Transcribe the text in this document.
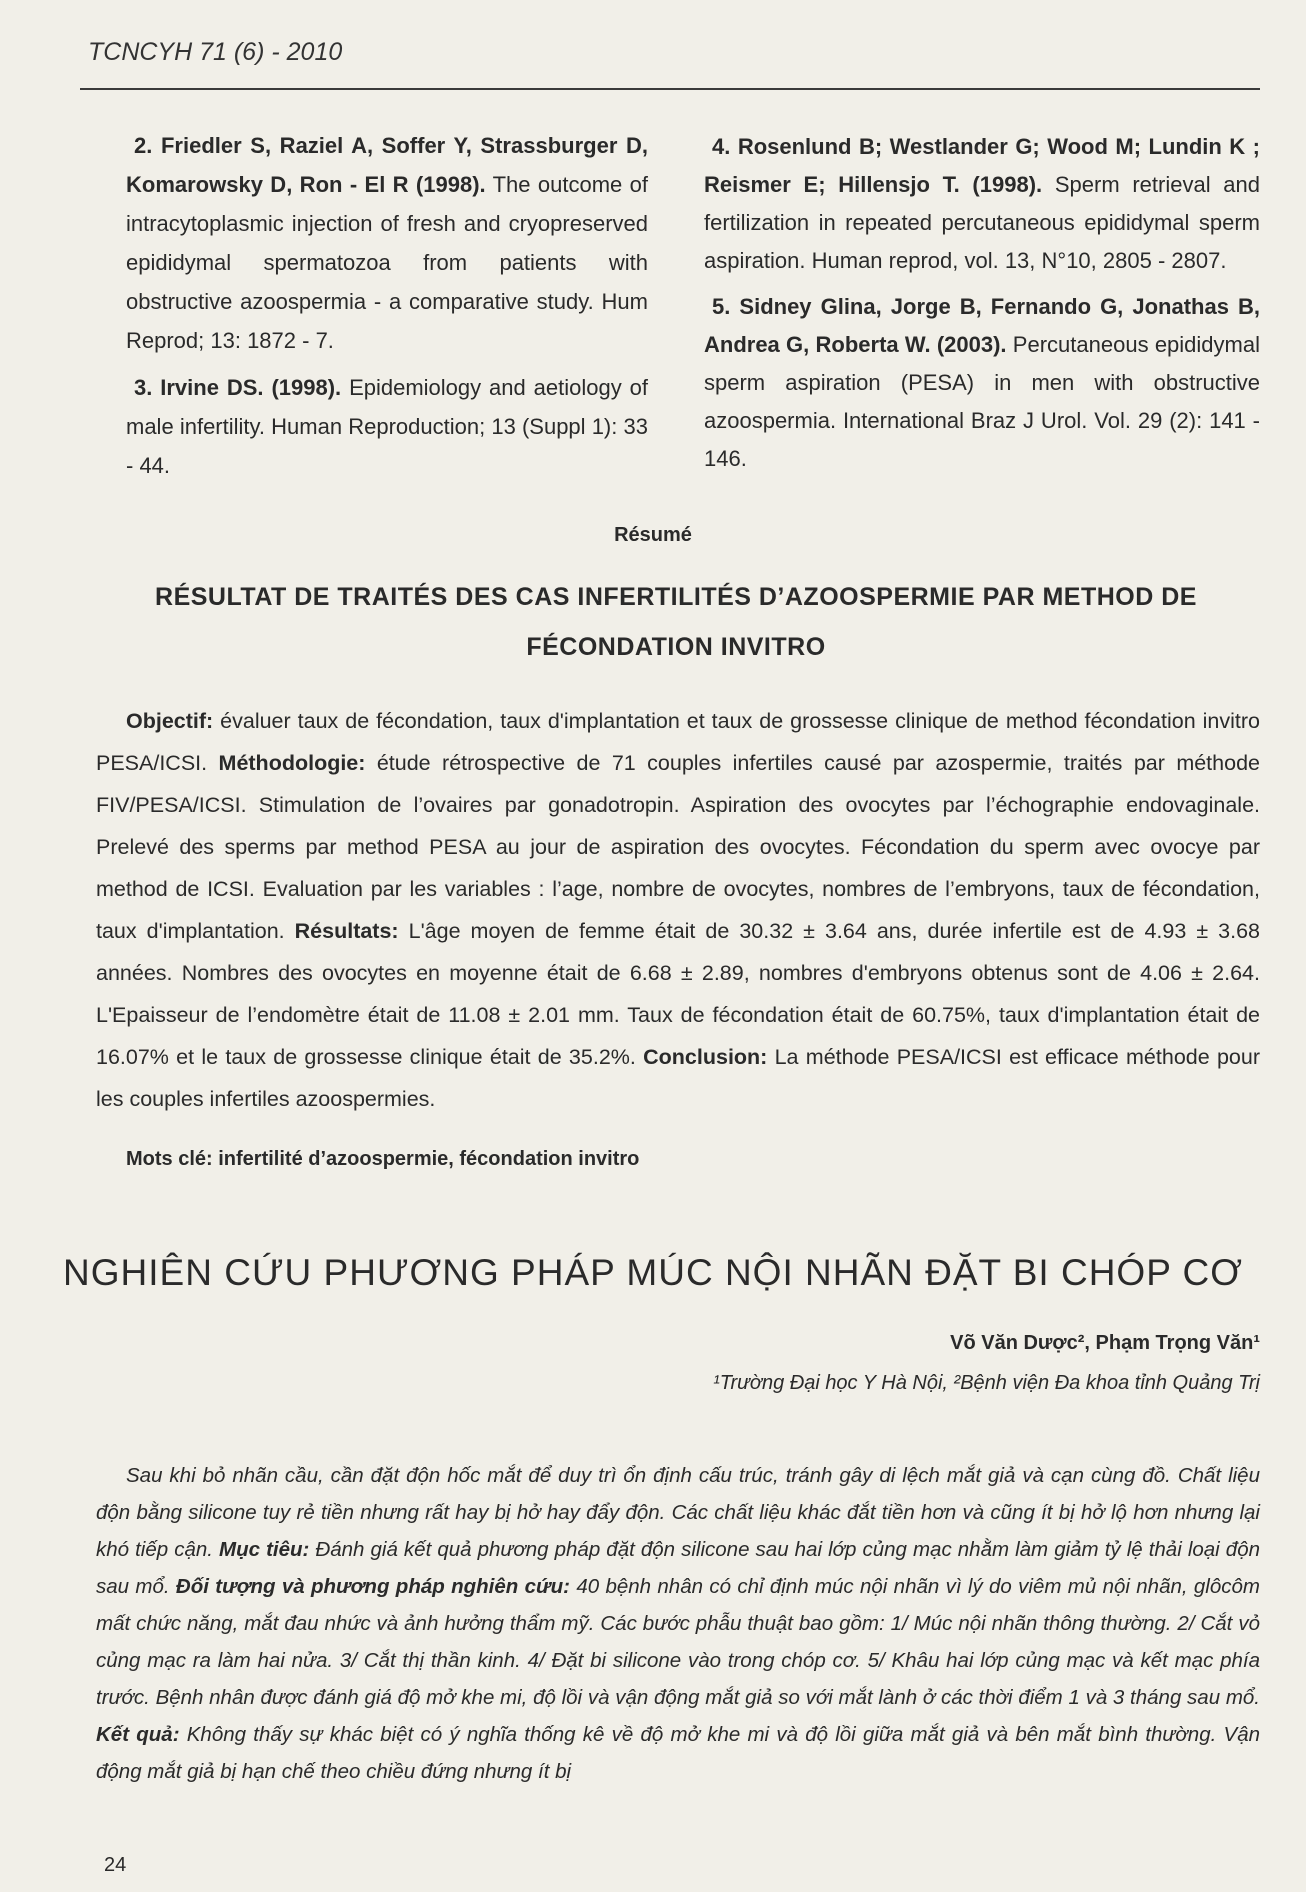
TCNCYH 71 (6) - 2010

2. Friedler S, Raziel A, Soffer Y, Strassburger D, Komarowsky D, Ron - El R (1998). The outcome of intracytoplasmic injection of fresh and cryopreserved epididymal spermatozoa from patients with obstructive azoospermia - a comparative study. Hum Reprod; 13: 1872 - 7.

3. Irvine DS. (1998). Epidemiology and aetiology of male infertility. Human Reproduction; 13 (Suppl 1): 33 - 44.

4. Rosenlund B; Westlander G; Wood M; Lundin K ; Reismer E; Hillensjo T. (1998). Sperm retrieval and fertilization in repeated percutaneous epididymal sperm aspiration. Human reprod, vol. 13, N°10, 2805 - 2807.

5. Sidney Glina, Jorge B, Fernando G, Jonathas B, Andrea G, Roberta W. (2003). Percutaneous epididymal sperm aspiration (PESA) in men with obstructive azoospermia. International Braz J Urol. Vol. 29 (2): 141 - 146.

Résumé
RÉSULTAT DE TRAITÉS DES CAS INFERTILITÉS D’AZOOSPERMIE PAR METHOD DE FÉCONDATION INVITRO

Objectif: évaluer taux de fécondation, taux d'implantation et taux de grossesse clinique de method fécondation invitro PESA/ICSI. Méthodologie: étude rétrospective de 71 couples infertiles causé par azospermie, traités par méthode FIV/PESA/ICSI. Stimulation de l’ovaires par gonadotropin. Aspiration des ovocytes par l’échographie endovaginale. Prelevé des sperms par method PESA au jour de aspiration des ovocytes. Fécondation du sperm avec ovocye par method de ICSI. Evaluation par les variables : l’age, nombre de ovocytes, nombres de l’embryons, taux de fécondation, taux d'implantation. Résultats: L'âge moyen de femme était de 30.32 ± 3.64 ans, durée infertile est de 4.93 ± 3.68 années. Nombres des ovocytes en moyenne était de 6.68 ± 2.89, nombres d'embryons obtenus sont de 4.06 ± 2.64. L'Epaisseur de l’endomètre était de 11.08 ± 2.01 mm. Taux de fécondation était de 60.75%, taux d'implantation était de 16.07% et le taux de grossesse clinique était de 35.2%. Conclusion: La méthode PESA/ICSI est efficace méthode pour les couples infertiles azoospermies.

Mots clé: infertilité d’azoospermie, fécondation invitro
NGHIÊN CỨU PHƯƠNG PHÁP MÚC NỘI NHÃN ĐẶT BI CHÓP CƠ
Võ Văn Dược², Phạm Trọng Văn¹
¹Trường Đại học Y Hà Nội, ²Bệnh viện Đa khoa tỉnh Quảng Trị

Sau khi bỏ nhãn cầu, cần đặt độn hốc mắt để duy trì ổn định cấu trúc, tránh gây di lệch mắt giả và cạn cùng đồ. Chất liệu độn bằng silicone tuy rẻ tiền nhưng rất hay bị hở hay đẩy độn. Các chất liệu khác đắt tiền hơn và cũng ít bị hở lộ hơn nhưng lại khó tiếp cận. Mục tiêu: Đánh giá kết quả phương pháp đặt độn silicone sau hai lớp củng mạc nhằm làm giảm tỷ lệ thải loại độn sau mổ. Đối tượng và phương pháp nghiên cứu: 40 bệnh nhân có chỉ định múc nội nhãn vì lý do viêm mủ nội nhãn, glôcôm mất chức năng, mắt đau nhức và ảnh hưởng thẩm mỹ. Các bước phẫu thuật bao gồm: 1/ Múc nội nhãn thông thường. 2/ Cắt vỏ củng mạc ra làm hai nửa. 3/ Cắt thị thần kinh. 4/ Đặt bi silicone vào trong chóp cơ. 5/ Khâu hai lớp củng mạc và kết mạc phía trước. Bệnh nhân được đánh giá độ mở khe mi, độ lồi và vận động mắt giả so với mắt lành ở các thời điểm 1 và 3 tháng sau mổ. Kết quả: Không thấy sự khác biệt có ý nghĩa thống kê về độ mở khe mi và độ lồi giữa mắt giả và bên mắt bình thường. Vận động mắt giả bị hạn chế theo chiều đứng nhưng ít bị

24
